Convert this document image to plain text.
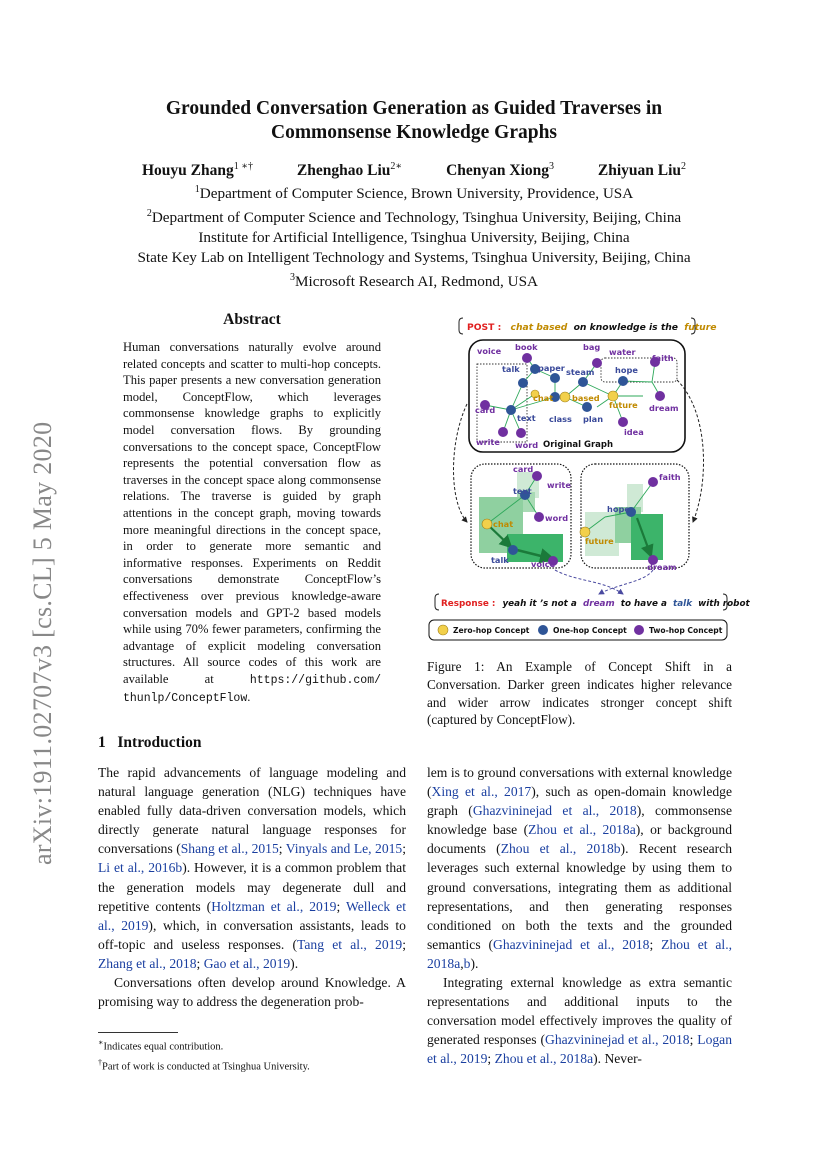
Grounded Conversation Generation as Guided Traverses in
Commonsense Knowledge Graphs
Houyu Zhang$^{1 ∗\dagger}$	Zhenghao Liu$^{2∗}$	Chenyan Xiong$^3$	Zhiyuan Liu$^2$
$^1$Department of Computer Science, Brown University, Providence, USA
$^2$Department of Computer Science and Technology, Tsinghua University, Beijing, China
Institute for Artificial Intelligence, Tsinghua University, Beijing, China
State Key Lab on Intelligent Technology and Systems, Tsinghua University, Beijing, China
$^3$Microsoft Research AI, Redmond, USA
arXiv:1911.02707v3 [cs.CL] 5 May 2020
Abstract
Human conversations naturally evolve around related concepts and scatter to multi-hop concepts. This paper presents a new conversation generation model, ConceptFlow, which leverages commonsense knowledge graphs to explicitly model conversation flows. By grounding conversations to the concept space, ConceptFlow represents the potential conversation flow as traverses in the concept space along commonsense relations. The traverse is guided by graph attentions in the concept graph, moving towards more meaningful directions in the concept space, in order to generate more semantic and informative responses. Experiments on Reddit conversations demonstrate ConceptFlow’s effectiveness over previous knowledge-aware conversation models and GPT-2 based models while using 70% fewer parameters, confirming the advantage of explicit modeling conversation structures. All source codes of this work are available at	https://github.com/ thunlp/ConceptFlow.
POST : chat based on knowledge is the future
Original Graph
voice book	bag water
faith
talk paper steam	hope
card
chat based
future dream
text class plan
idea
write word
card
text
write
word
chat
talk	voice
faith
hope
future
dream
Response : yeah it ’s not a dream to have a talk with robot
Zero-hop Concept	One-hop Concept	Two-hop Concept
Figure 1: An Example of Concept Shift in a Conversation. Darker green indicates higher relevance and wider arrow indicates stronger concept shift (captured by ConceptFlow).
1 Introduction

The rapid advancements of language modeling and natural language generation (NLG) techniques have enabled fully data-driven conversation models, which directly generate natural language responses for conversations (Shang et al., 2015; Vinyals and Le, 2015; Li et al., 2016b). However, it is a common problem that the generation models may degenerate dull and repetitive contents (Holtzman et al., 2019; Welleck et al., 2019), which, in conversation assistants, leads to off-topic and useless responses. (Tang et al., 2019; Zhang et al., 2018; Gao et al., 2019).

Conversations often develop around Knowledge. A promising way to address the degeneration prob-

lem is to ground conversations with external knowledge (Xing et al., 2017), such as open-domain knowledge graph (Ghazvininejad et al., 2018), commonsense knowledge base (Zhou et al., 2018a), or background documents (Zhou et al., 2018b). Recent research leverages such external knowledge by using them to ground conversations, integrating them as additional representations, and then generating responses conditioned on both the texts and the grounded semantics (Ghazvininejad et al., 2018; Zhou et al., 2018a,b).

Integrating external knowledge as extra semantic representations and additional inputs to the conversation model effectively improves the quality of generated responses (Ghazvininejad et al., 2018; Logan et al., 2019; Zhou et al., 2018a). Never-

∗Indicates equal contribution.
†Part of work is conducted at Tsinghua University.
